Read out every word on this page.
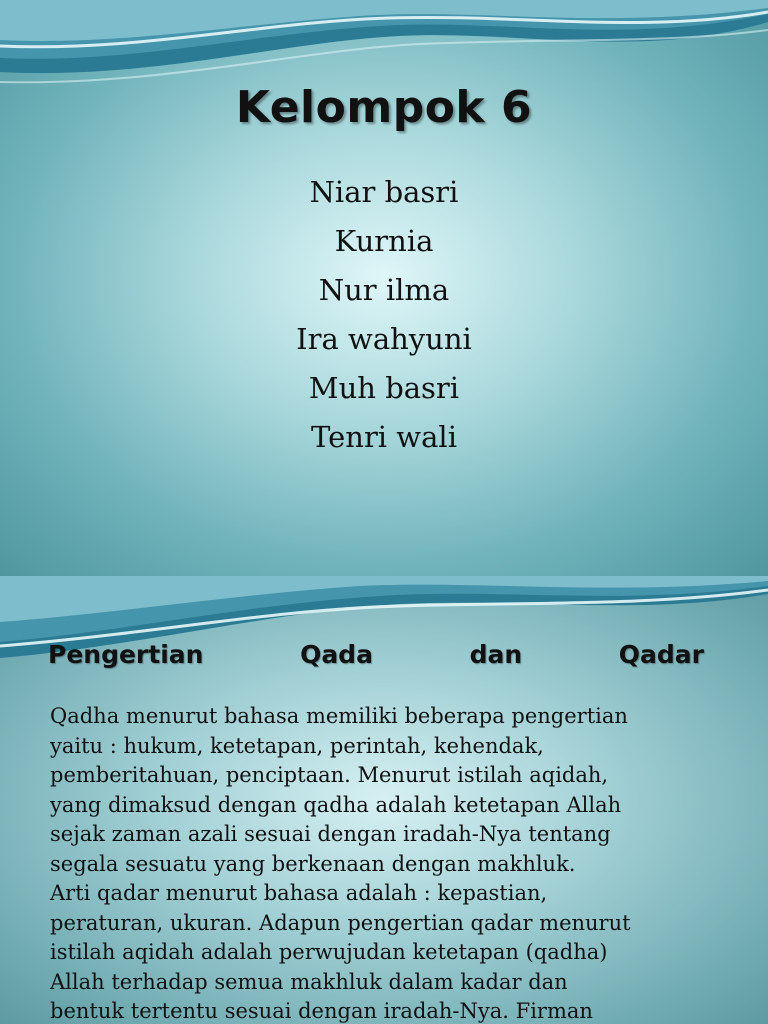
Kelompok 6
Niar basri
Kurnia
Nur ilma
Ira wahyuni
Muh basri
Tenri wali
Pengertian	Qada	dan	Qadar

Qadha menurut bahasa memiliki beberapa pengertian
yaitu : hukum, ketetapan, perintah, kehendak,
pemberitahuan, penciptaan. Menurut istilah aqidah,
yang dimaksud dengan qadha adalah ketetapan Allah
sejak zaman azali sesuai dengan iradah-Nya tentang
segala sesuatu yang berkenaan dengan makhluk.
Arti qadar menurut bahasa adalah : kepastian,
peraturan, ukuran. Adapun pengertian qadar menurut
istilah aqidah adalah perwujudan ketetapan (qadha)
Allah terhadap semua makhluk dalam kadar dan
bentuk tertentu sesuai dengan iradah-Nya. Firman
